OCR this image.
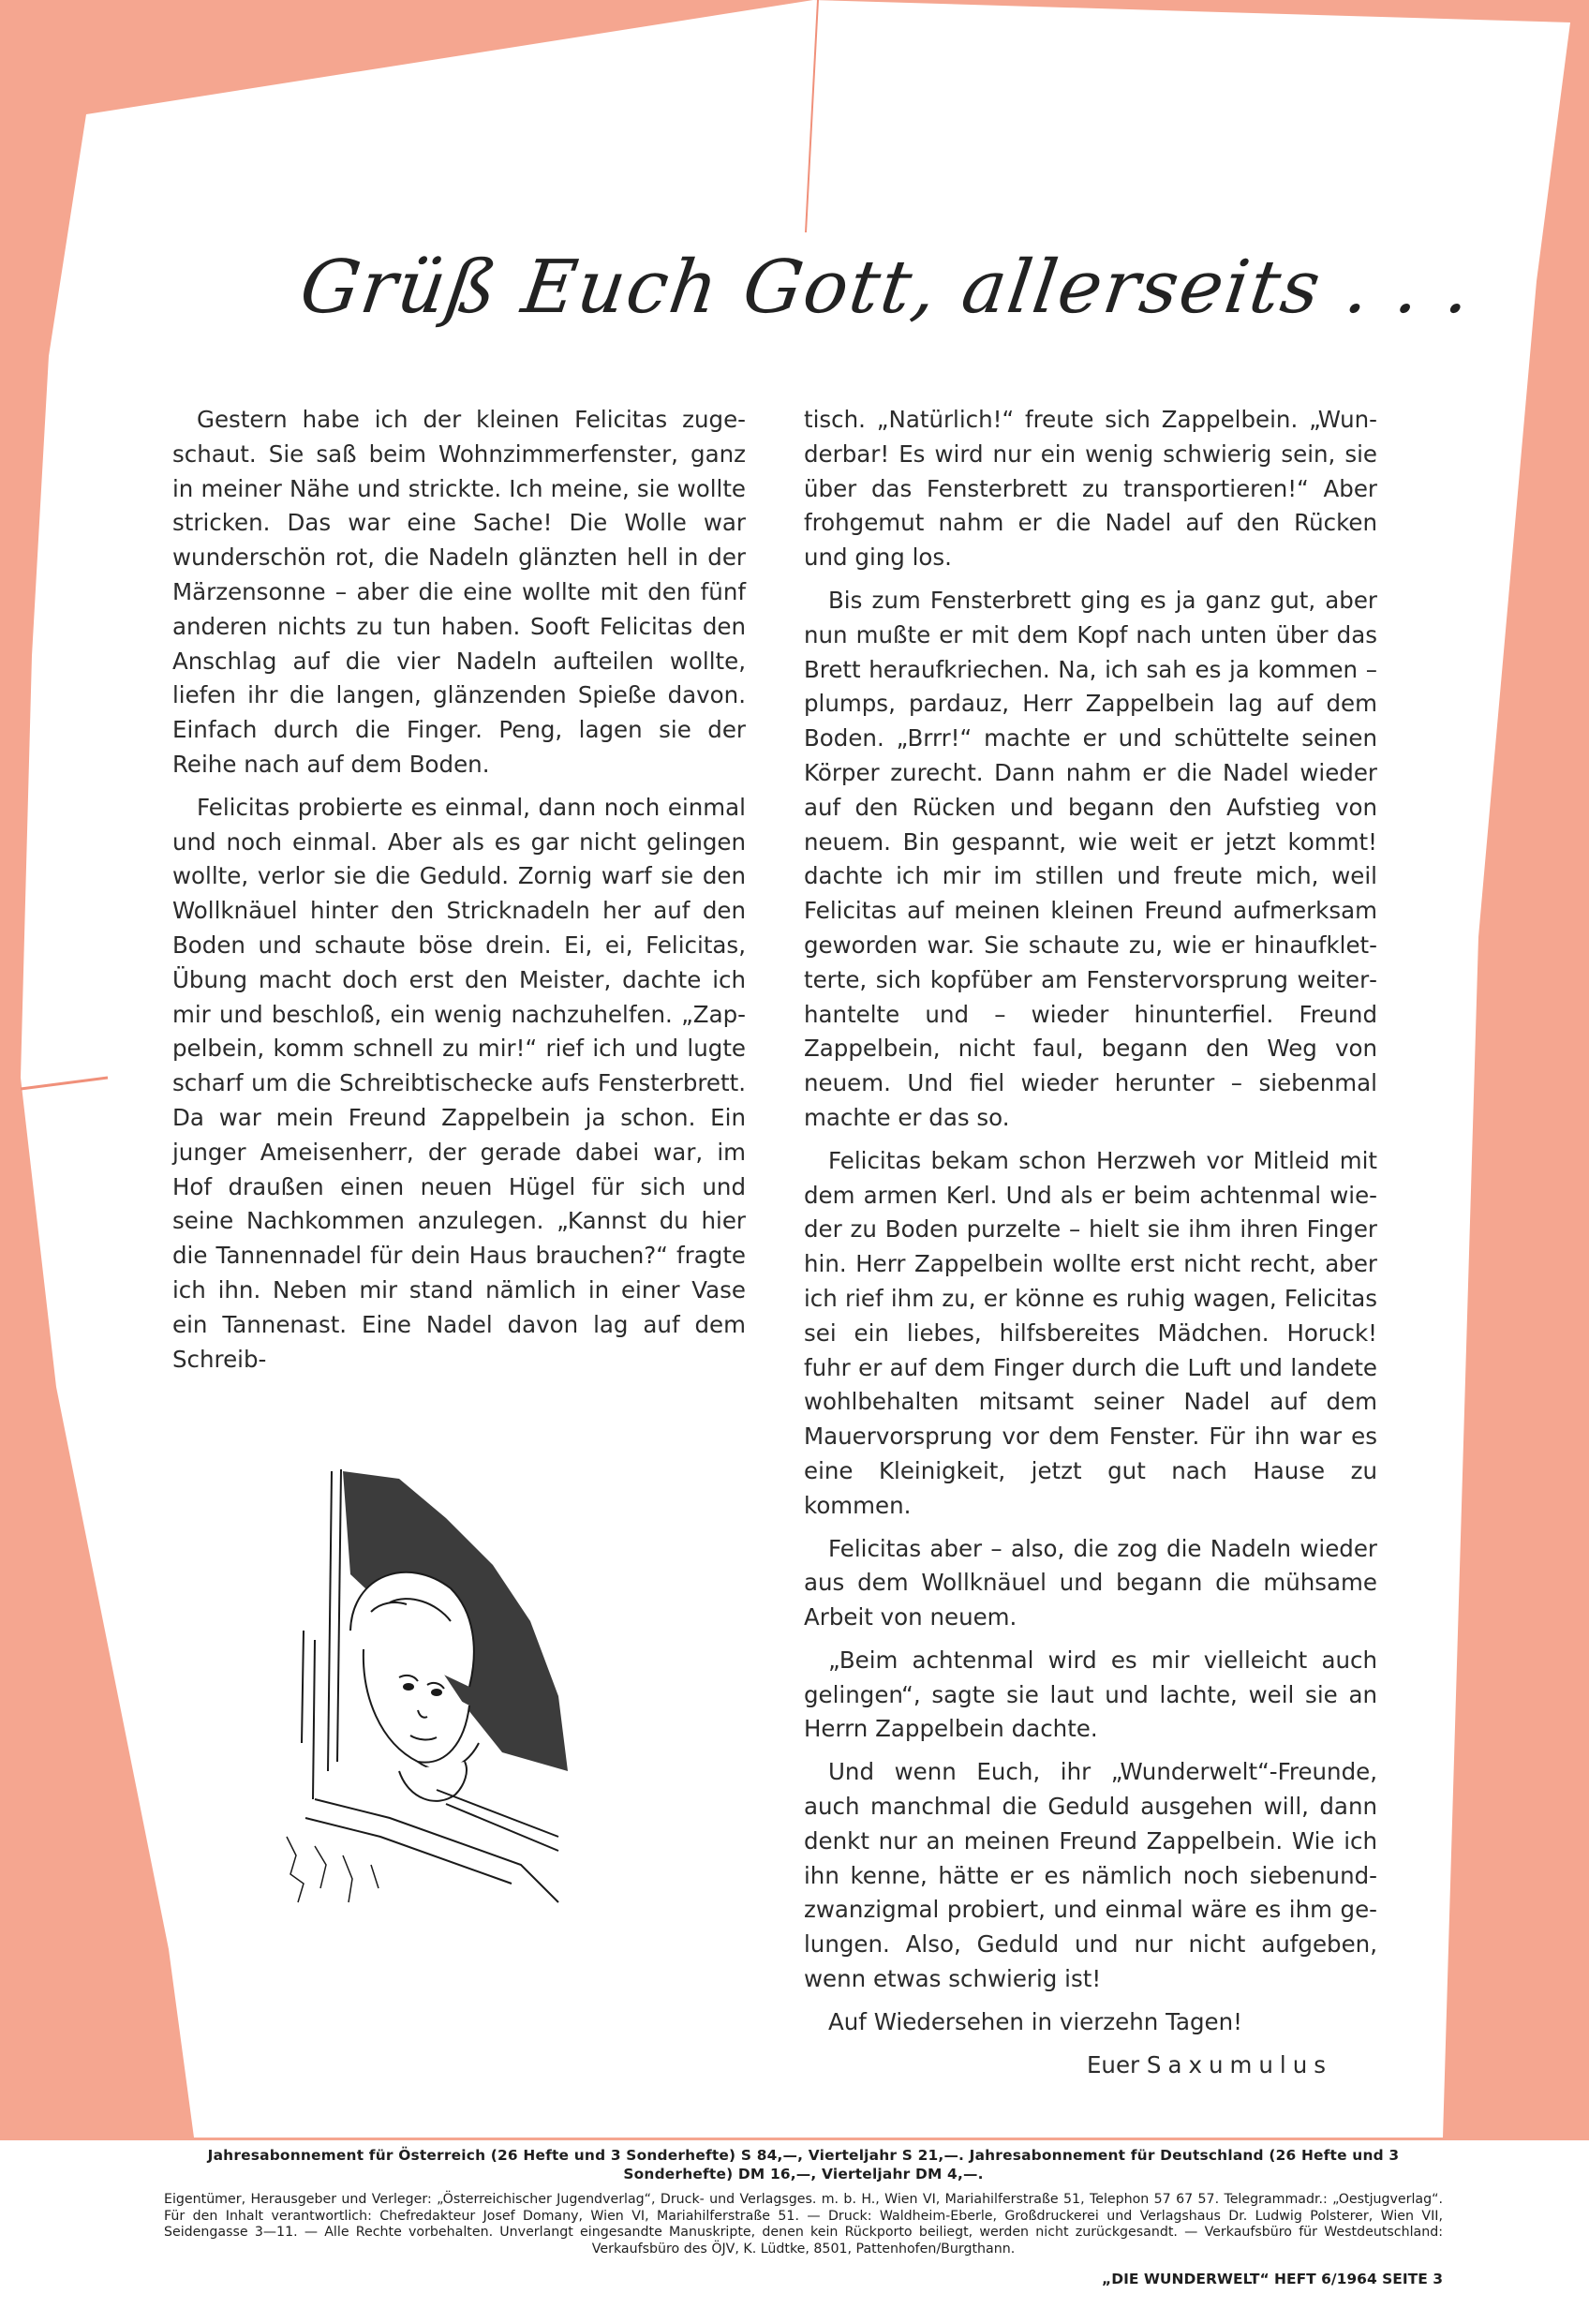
Grüß Euch Gott, allerseits . . .

Gestern habe ich der kleinen Felicitas zugeschaut. Sie saß beim Wohnzimmerfenster, ganz in meiner Nähe und strickte. Ich meine, sie wollte stricken. Das war eine Sache! Die Wolle war wunderschön rot, die Nadeln glänzten hell in der Märzensonne – aber die eine wollte mit den fünf anderen nichts zu tun haben. Sooft Felicitas den Anschlag auf die vier Nadeln aufteilen wollte, liefen ihr die langen, glänzenden Spieße davon. Einfach durch die Finger. Peng, lagen sie der Reihe nach auf dem Boden.

Felicitas probierte es einmal, dann noch einmal und noch einmal. Aber als es gar nicht gelingen wollte, verlor sie die Geduld. Zornig warf sie den Wollknäuel hinter den Stricknadeln her auf den Boden und schaute böse drein. Ei, ei, Felicitas, Übung macht doch erst den Meister, dachte ich mir und beschloß, ein wenig nachzuhelfen. „Zappelbein, komm schnell zu mir!“ rief ich und lugte scharf um die Schreibtischecke aufs Fensterbrett. Da war mein Freund Zappelbein ja schon. Ein junger Ameisenherr, der gerade dabei war, im Hof draußen einen neuen Hügel für sich und seine Nachkommen anzulegen. „Kannst du hier die Tannennadel für dein Haus brauchen?“ fragte ich ihn. Neben mir stand nämlich in einer Vase ein Tannenast. Eine Nadel davon lag auf dem Schreib-

tisch. „Natürlich!“ freute sich Zappelbein. „Wunderbar! Es wird nur ein wenig schwierig sein, sie über das Fensterbrett zu transportieren!“ Aber frohgemut nahm er die Nadel auf den Rücken und ging los.

Bis zum Fensterbrett ging es ja ganz gut, aber nun mußte er mit dem Kopf nach unten über das Brett heraufkriechen. Na, ich sah es ja kommen – plumps, pardauz, Herr Zappelbein lag auf dem Boden. „Brrr!“ machte er und schüttelte seinen Körper zurecht. Dann nahm er die Nadel wieder auf den Rücken und begann den Aufstieg von neuem. Bin gespannt, wie weit er jetzt kommt! dachte ich mir im stillen und freute mich, weil Felicitas auf meinen kleinen Freund aufmerksam geworden war. Sie schaute zu, wie er hinaufkletterte, sich kopfüber am Fenstervorsprung weiterhantelte und – wieder hinunterfiel. Freund Zappelbein, nicht faul, begann den Weg von neuem. Und fiel wieder herunter – siebenmal machte er das so.

Felicitas bekam schon Herzweh vor Mitleid mit dem armen Kerl. Und als er beim achtenmal wieder zu Boden purzelte – hielt sie ihm ihren Finger hin. Herr Zappelbein wollte erst nicht recht, aber ich rief ihm zu, er könne es ruhig wagen, Felicitas sei ein liebes, hilfsbereites Mädchen. Horuck! fuhr er auf dem Finger durch die Luft und landete wohlbehalten mitsamt seiner Nadel auf dem Mauervorsprung vor dem Fenster. Für ihn war es eine Kleinigkeit, jetzt gut nach Hause zu kommen.

Felicitas aber – also, die zog die Nadeln wieder aus dem Wollknäuel und begann die mühsame Arbeit von neuem.

„Beim achtenmal wird es mir vielleicht auch gelingen“, sagte sie laut und lachte, weil sie an Herrn Zappelbein dachte.

Und wenn Euch, ihr „Wunderwelt“-Freunde, auch manchmal die Geduld ausgehen will, dann denkt nur an meinen Freund Zappelbein. Wie ich ihn kenne, hätte er es nämlich noch siebenundzwanzigmal probiert, und einmal wäre es ihm gelungen. Also, Geduld und nur nicht aufgeben, wenn etwas schwierig ist!

Auf Wiedersehen in vierzehn Tagen!

Euer Saxumulus

Jahresabonnement für Österreich (26 Hefte und 3 Sonderhefte) S 84,—, Vierteljahr S 21,—. Jahresabonnement für Deutschland (26 Hefte und 3 Sonderhefte) DM 16,—, Vierteljahr DM 4,—.
Eigentümer, Herausgeber und Verleger: „Österreichischer Jugendverlag“, Druck- und Verlagsges. m. b. H., Wien VI, Mariahilferstraße 51, Telephon 57 67 57. Telegrammadr.: „Oestjugverlag“. Für den Inhalt verantwortlich: Chefredakteur Josef Domany, Wien VI, Mariahilferstraße 51. — Druck: Waldheim-Eberle, Großdruckerei und Verlagshaus Dr. Ludwig Polsterer, Wien VII, Seidengasse 3—11. — Alle Rechte vorbehalten. Unverlangt eingesandte Manuskripte, denen kein Rückporto beiliegt, werden nicht zurückgesandt. — Verkaufsbüro für Westdeutschland: Verkaufsbüro des ÖJV, K. Lüdtke, 8501, Pattenhofen/Burgthann.
„DIE WUNDERWELT“ HEFT 6/1964 SEITE 3
